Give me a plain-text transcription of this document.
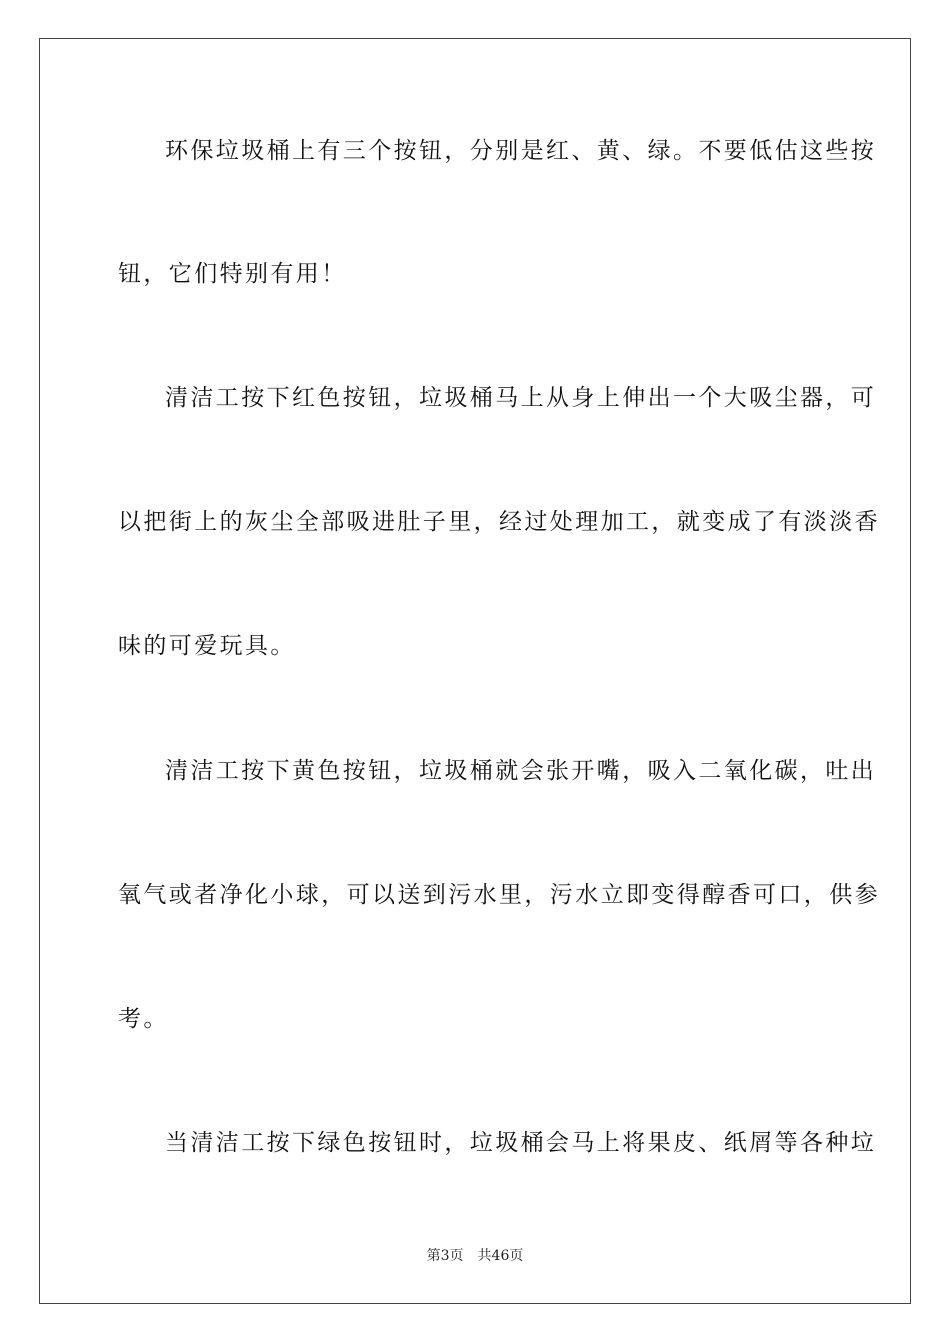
环保垃圾桶上有三个按钮，分别是红、黄、绿。不要低估这些按
钮，它们特别有用！
清洁工按下红色按钮，垃圾桶马上从身上伸出一个大吸尘器，可
以把街上的灰尘全部吸进肚子里，经过处理加工，就变成了有淡淡香
味的可爱玩具。
清洁工按下黄色按钮，垃圾桶就会张开嘴，吸入二氧化碳，吐出
氧气或者净化小球，可以送到污水里，污水立即变得醇香可口，供参
考。
当清洁工按下绿色按钮时，垃圾桶会马上将果皮、纸屑等各种垃
第3页 共46页
